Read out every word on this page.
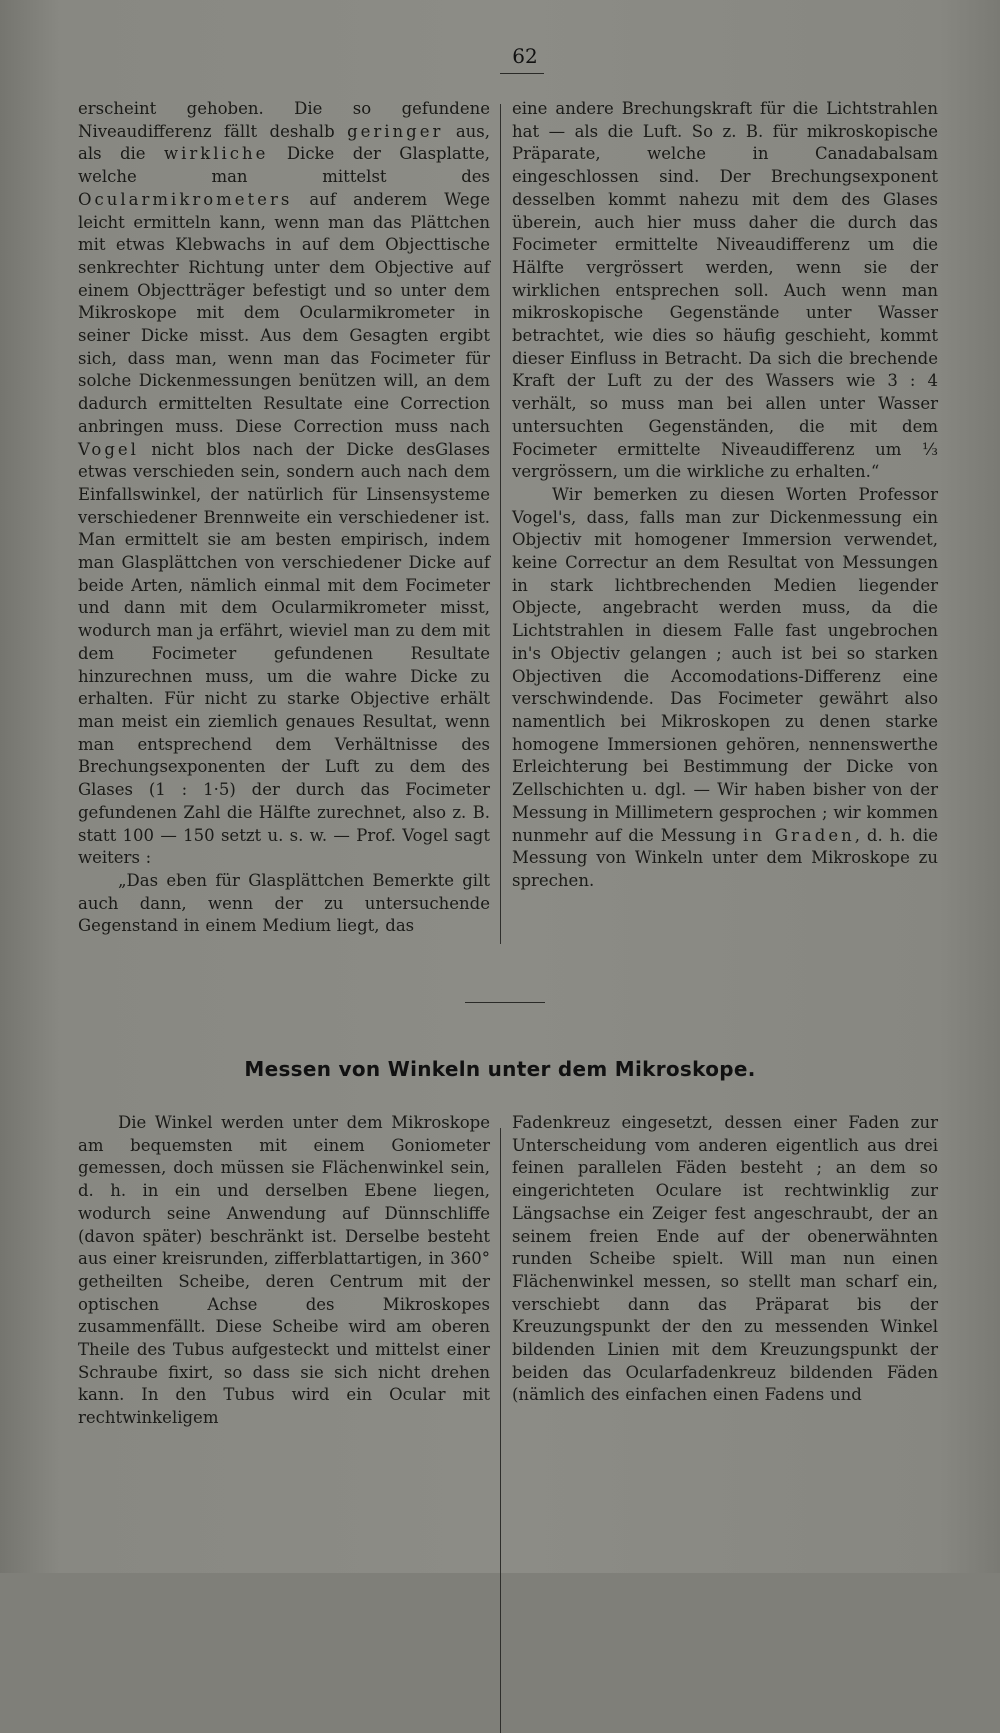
62

erscheint gehoben. Die so gefundene Niveaudifferenz fällt deshalb geringer aus, als die wirkliche Dicke der Glasplatte, welche man mittelst des Ocularmikrometers auf anderem Wege leicht ermitteln kann, wenn man das Plättchen mit etwas Klebwachs in auf dem Objecttische senkrechter Richtung unter dem Objective auf einem Objectträger befestigt und so unter dem Mikroskope mit dem Ocularmikrometer in seiner Dicke misst. Aus dem Gesagten ergibt sich, dass man, wenn man das Focimeter für solche Dickenmessungen benützen will, an dem dadurch ermittelten Resultate eine Correction anbringen muss. Diese Correction muss nach Vogel nicht blos nach der Dicke desGlases etwas verschieden sein, sondern auch nach dem Einfallswinkel, der natürlich für Linsensysteme verschiedener Brennweite ein verschiedener ist. Man ermittelt sie am besten empirisch, indem man Glasplättchen von verschiedener Dicke auf beide Arten, nämlich einmal mit dem Focimeter und dann mit dem Ocularmikrometer misst, wodurch man ja erfährt, wieviel man zu dem mit dem Focimeter gefundenen Resultate hinzurechnen muss, um die wahre Dicke zu erhalten. Für nicht zu starke Objective erhält man meist ein ziemlich genaues Resultat, wenn man entsprechend dem Verhältnisse des Brechungsexponenten der Luft zu dem des Glases (1 : 1·5) der durch das Focimeter gefundenen Zahl die Hälfte zurechnet, also z. B. statt 100 — 150 setzt u. s. w. — Prof. Vogel sagt weiters :

„Das eben für Glasplättchen Bemerkte gilt auch dann, wenn der zu untersuchende Gegenstand in einem Medium liegt, das

eine andere Brechungskraft für die Lichtstrahlen hat — als die Luft. So z. B. für mikroskopische Präparate, welche in Canadabalsam eingeschlossen sind. Der Brechungsexponent desselben kommt nahezu mit dem des Glases überein, auch hier muss daher die durch das Focimeter ermittelte Niveaudifferenz um die Hälfte vergrössert werden, wenn sie der wirklichen entsprechen soll. Auch wenn man mikroskopische Gegenstände unter Wasser betrachtet, wie dies so häufig geschieht, kommt dieser Einfluss in Betracht. Da sich die brechende Kraft der Luft zu der des Wassers wie 3 : 4 verhält, so muss man bei allen unter Wasser untersuchten Gegenständen, die mit dem Focimeter ermittelte Niveaudifferenz um ⅓ vergrössern, um die wirkliche zu erhalten.“

Wir bemerken zu diesen Worten Professor Vogel's, dass, falls man zur Dickenmessung ein Objectiv mit homogener Immersion verwendet, keine Correctur an dem Resultat von Messungen in stark lichtbrechenden Medien liegender Objecte, angebracht werden muss, da die Lichtstrahlen in diesem Falle fast ungebrochen in's Objectiv gelangen ; auch ist bei so starken Objectiven die Accomodations-Differenz eine verschwindende. Das Focimeter gewährt also namentlich bei Mikroskopen zu denen starke homogene Immersionen gehören, nennenswerthe Erleichterung bei Bestimmung der Dicke von Zellschichten u. dgl. — Wir haben bisher von der Messung in Millimetern gesprochen ; wir kommen nunmehr auf die Messung in Graden, d. h. die Messung von Winkeln unter dem Mikroskope zu sprechen.

Messen von Winkeln unter dem Mikroskope.

Die Winkel werden unter dem Mikroskope am bequemsten mit einem Goniometer gemessen, doch müssen sie Flächenwinkel sein, d. h. in ein und derselben Ebene liegen, wodurch seine Anwendung auf Dünnschliffe (davon später) beschränkt ist. Derselbe besteht aus einer kreisrunden, zifferblattartigen, in 360° getheilten Scheibe, deren Centrum mit der optischen Achse des Mikroskopes zusammenfällt. Diese Scheibe wird am oberen Theile des Tubus aufgesteckt und mittelst einer Schraube fixirt, so dass sie sich nicht drehen kann. In den Tubus wird ein Ocular mit rechtwinkeligem

Fadenkreuz eingesetzt, dessen einer Faden zur Unterscheidung vom anderen eigentlich aus drei feinen parallelen Fäden besteht ; an dem so eingerichteten Oculare ist rechtwinklig zur Längsachse ein Zeiger fest angeschraubt, der an seinem freien Ende auf der obenerwähnten runden Scheibe spielt. Will man nun einen Flächenwinkel messen, so stellt man scharf ein, verschiebt dann das Präparat bis der Kreuzungspunkt der den zu messenden Winkel bildenden Linien mit dem Kreuzungspunkt der beiden das Ocularfadenkreuz bildenden Fäden (nämlich des einfachen einen Fadens und
